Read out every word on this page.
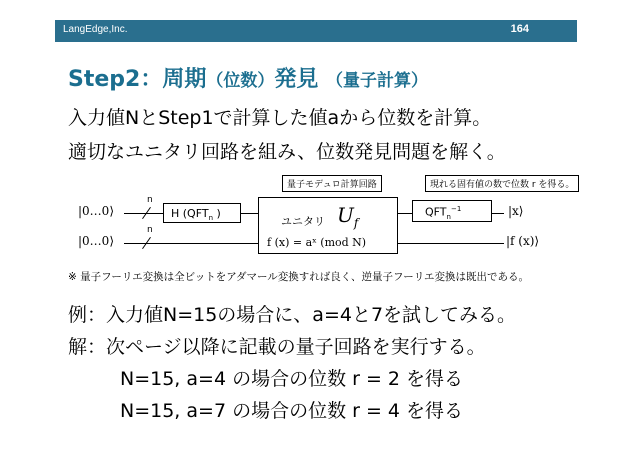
LangEdge,Inc.	164
Step2：周期（位数）発見 （量子計算）
入力値NとStep1で計算した値aから位数を計算。
適切なユニタリ回路を組み、位数発見問題を解く。
量子モデュロ計算回路	現れる固有値の数で位数 r を得る。
|0…0⟩
|0…0⟩
n
n
H ($QFT_n$ )
ユニタリ $U_f$
f (x) = aˣ (mod N)
$QFT_n^{-1}$	|x⟩
|f (x)⟩
※ 量子フーリエ変換は全ビットをアダマール変換すれば良く、逆量子フーリエ変換は既出である。
例：入力値N=15の場合に、a=4と7を試してみる。
解：次ページ以降に記載の量子回路を実行する。
N=15, a=4 の場合の位数 r = 2 を得る
N=15, a=7 の場合の位数 r = 4 を得る
